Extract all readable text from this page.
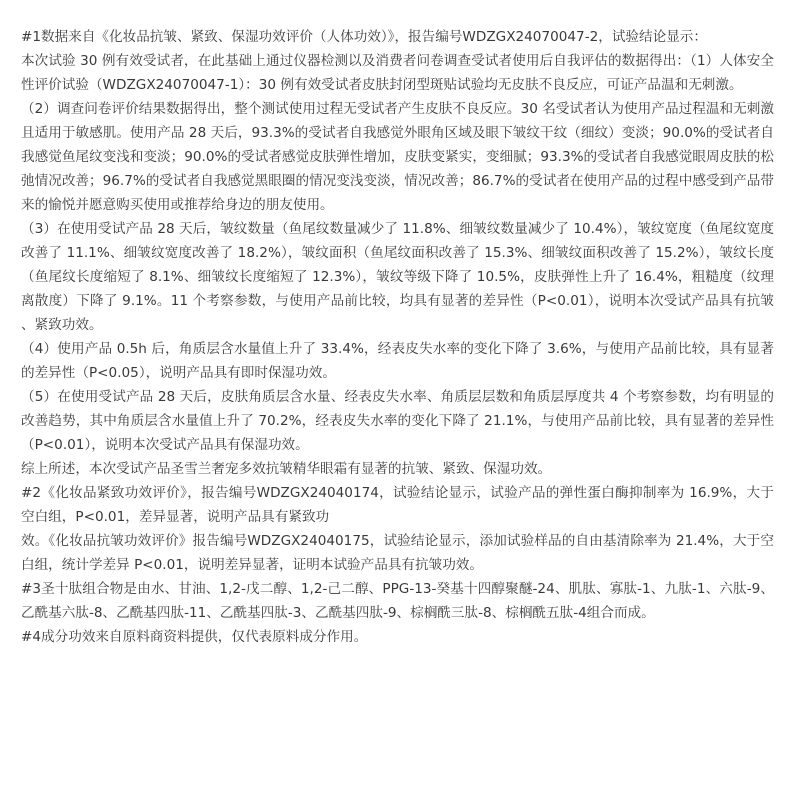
#1数据来自《化妆品抗皱、紧致、保湿功效评价（人体功效）》，报告编号WDZGX24070047-2，试验结论显示：

本次试验 30 例有效受试者，在此基础上通过仪器检测以及消费者问卷调查受试者使用后自我评估的数据得出：（1）人体安全性评价试验（WDZGX24070047-1）：30 例有效受试者皮肤封闭型斑贴试验均无皮肤不良反应，可证产品温和无刺激。

（2）调查问卷评价结果数据得出，整个测试使用过程无受试者产生皮肤不良反应。30 名受试者认为使用产品过程温和无刺激且适用于敏感肌。使用产品 28 天后，93.3%的受试者自我感觉外眼角区域及眼下皱纹干纹（细纹）变淡；90.0%的受试者自我感觉鱼尾纹变浅和变淡；90.0%的受试者感觉皮肤弹性增加，皮肤变紧实，变细腻；93.3%的受试者自我感觉眼周皮肤的松弛情况改善；96.7%的受试者自我感觉黑眼圈的情况变浅变淡，情况改善；86.7%的受试者在使用产品的过程中感受到产品带来的愉悦并愿意购买使用或推荐给身边的朋友使用。

（3）在使用受试产品 28 天后，皱纹数量（鱼尾纹数量减少了 11.8%、细皱纹数量减少了 10.4%），皱纹宽度（鱼尾纹宽度改善了 11.1%、细皱纹宽度改善了 18.2%），皱纹面积（鱼尾纹面积改善了 15.3%、细皱纹面积改善了 15.2%），皱纹长度（鱼尾纹长度缩短了 8.1%、细皱纹长度缩短了 12.3%），皱纹等级下降了 10.5%，皮肤弹性上升了 16.4%，粗糙度（纹理离散度）下降了 9.1%。11 个考察参数，与使用产品前比较，均具有显著的差异性（P<0.01），说明本次受试产品具有抗皱、紧致功效。

（4）使用产品 0.5h 后，角质层含水量值上升了 33.4%，经表皮失水率的变化下降了 3.6%，与使用产品前比较，具有显著的差异性（P<0.05），说明产品具有即时保湿功效。

（5）在使用受试产品 28 天后，皮肤角质层含水量、经表皮失水率、角质层层数和角质层厚度共 4 个考察参数，均有明显的改善趋势，其中角质层含水量值上升了 70.2%，经表皮失水率的变化下降了 21.1%，与使用产品前比较，具有显著的差异性（P<0.01），说明本次受试产品具有保湿功效。

综上所述，本次受试产品圣雪兰奢宠多效抗皱精华眼霜有显著的抗皱、紧致、保湿功效。

#2《化妆品紧致功效评价》，报告编号WDZGX24040174，试验结论显示，试验产品的弹性蛋白酶抑制率为 16.9%，大于空白组，P<0.01，差异显著，说明产品具有紧致功

效。《化妆品抗皱功效评价》报告编号WDZGX24040175，试验结论显示，添加试验样品的自由基清除率为 21.4%，大于空白组，统计学差异 P<0.01，说明差异显著，证明本试验产品具有抗皱功效。

#3圣十肽组合物是由水、甘油、1,2-戊二醇、1,2-己二醇、PPG-13-癸基十四醇聚醚-24、肌肽、寡肽-1、九肽-1、六肽-9、乙酰基六肽-8、乙酰基四肽-11、乙酰基四肽-3、乙酰基四肽-9、棕榈酰三肽-8、棕榈酰五肽-4组合而成。

#4成分功效来自原料商资料提供，仅代表原料成分作用。
